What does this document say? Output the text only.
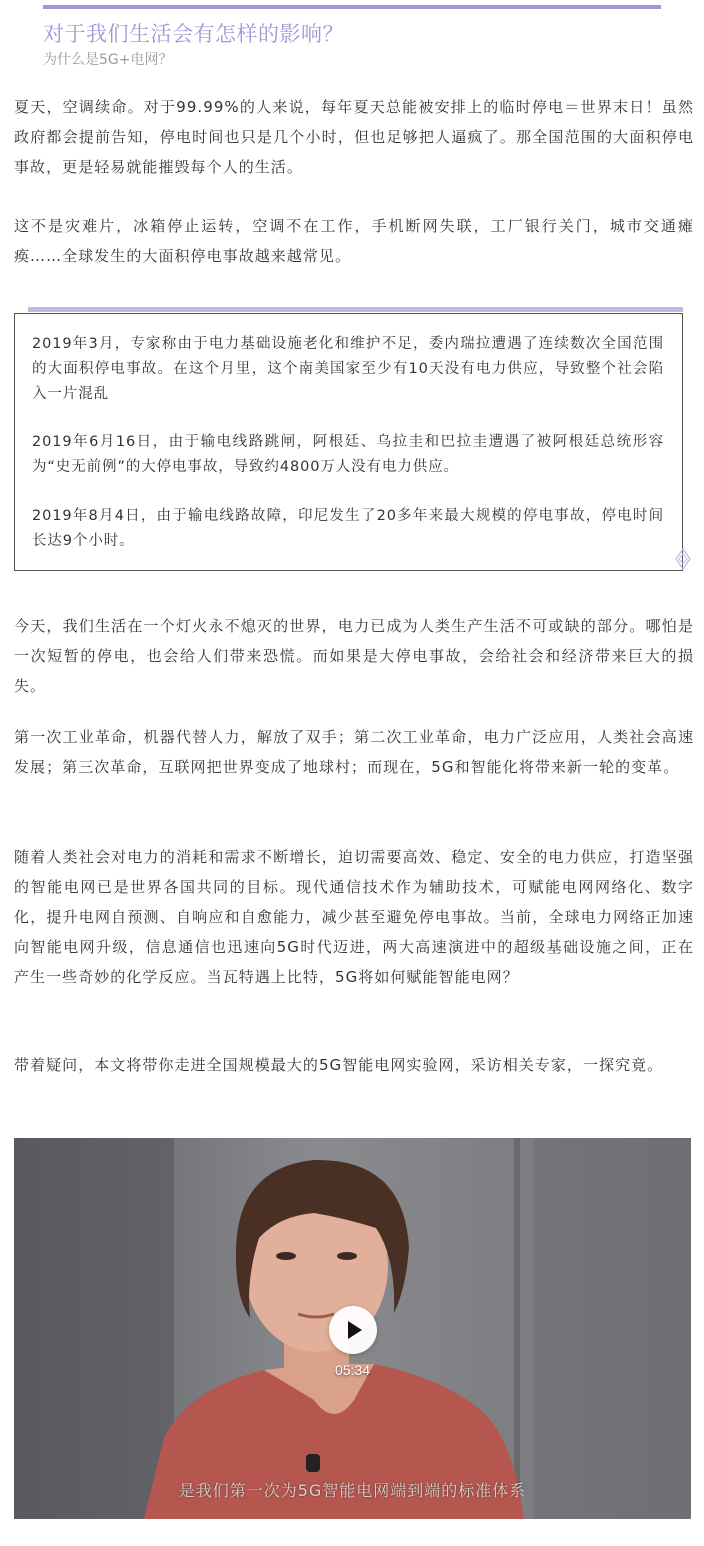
对于我们生活会有怎样的影响？
为什么是5G+电网？

夏天，空调续命。对于99.99%的人来说，每年夏天总能被安排上的临时停电＝世界末日！虽然政府都会提前告知，停电时间也只是几个小时，但也足够把人逼疯了。那全国范围的大面积停电事故，更是轻易就能摧毁每个人的生活。

这不是灾难片，冰箱停止运转，空调不在工作，手机断网失联，工厂银行关门，城市交通瘫痪……全球发生的大面积停电事故越来越常见。

2019年3月，专家称由于电力基础设施老化和维护不足，委内瑞拉遭遇了连续数次全国范围的大面积停电事故。在这个月里，这个南美国家至少有10天没有电力供应，导致整个社会陷入一片混乱

2019年6月16日，由于输电线路跳闸，阿根廷、乌拉圭和巴拉圭遭遇了被阿根廷总统形容为“史无前例”的大停电事故，导致约4800万人没有电力供应。

2019年8月4日，由于输电线路故障，印尼发生了20多年来最大规模的停电事故，停电时间长达9个小时。

今天，我们生活在一个灯火永不熄灭的世界，电力已成为人类生产生活不可或缺的部分。哪怕是一次短暂的停电，也会给人们带来恐慌。而如果是大停电事故，会给社会和经济带来巨大的损失。

第一次工业革命，机器代替人力，解放了双手；第二次工业革命，电力广泛应用，人类社会高速发展；第三次革命，互联网把世界变成了地球村；而现在，5G和智能化将带来新一轮的变革。

随着人类社会对电力的消耗和需求不断增长，迫切需要高效、稳定、安全的电力供应，打造坚强的智能电网已是世界各国共同的目标。现代通信技术作为辅助技术，可赋能电网网络化、数字化，提升电网自预测、自响应和自愈能力，减少甚至避免停电事故。当前，全球电力网络正加速向智能电网升级，信息通信也迅速向5G时代迈进，两大高速演进中的超级基础设施之间，正在产生一些奇妙的化学反应。当瓦特遇上比特，5G将如何赋能智能电网？

带着疑问，本文将带你走进全国规模最大的5G智能电网实验网，采访相关专家，一探究竟。

05:34
是我们第一次为5G智能电网端到端的标准体系
